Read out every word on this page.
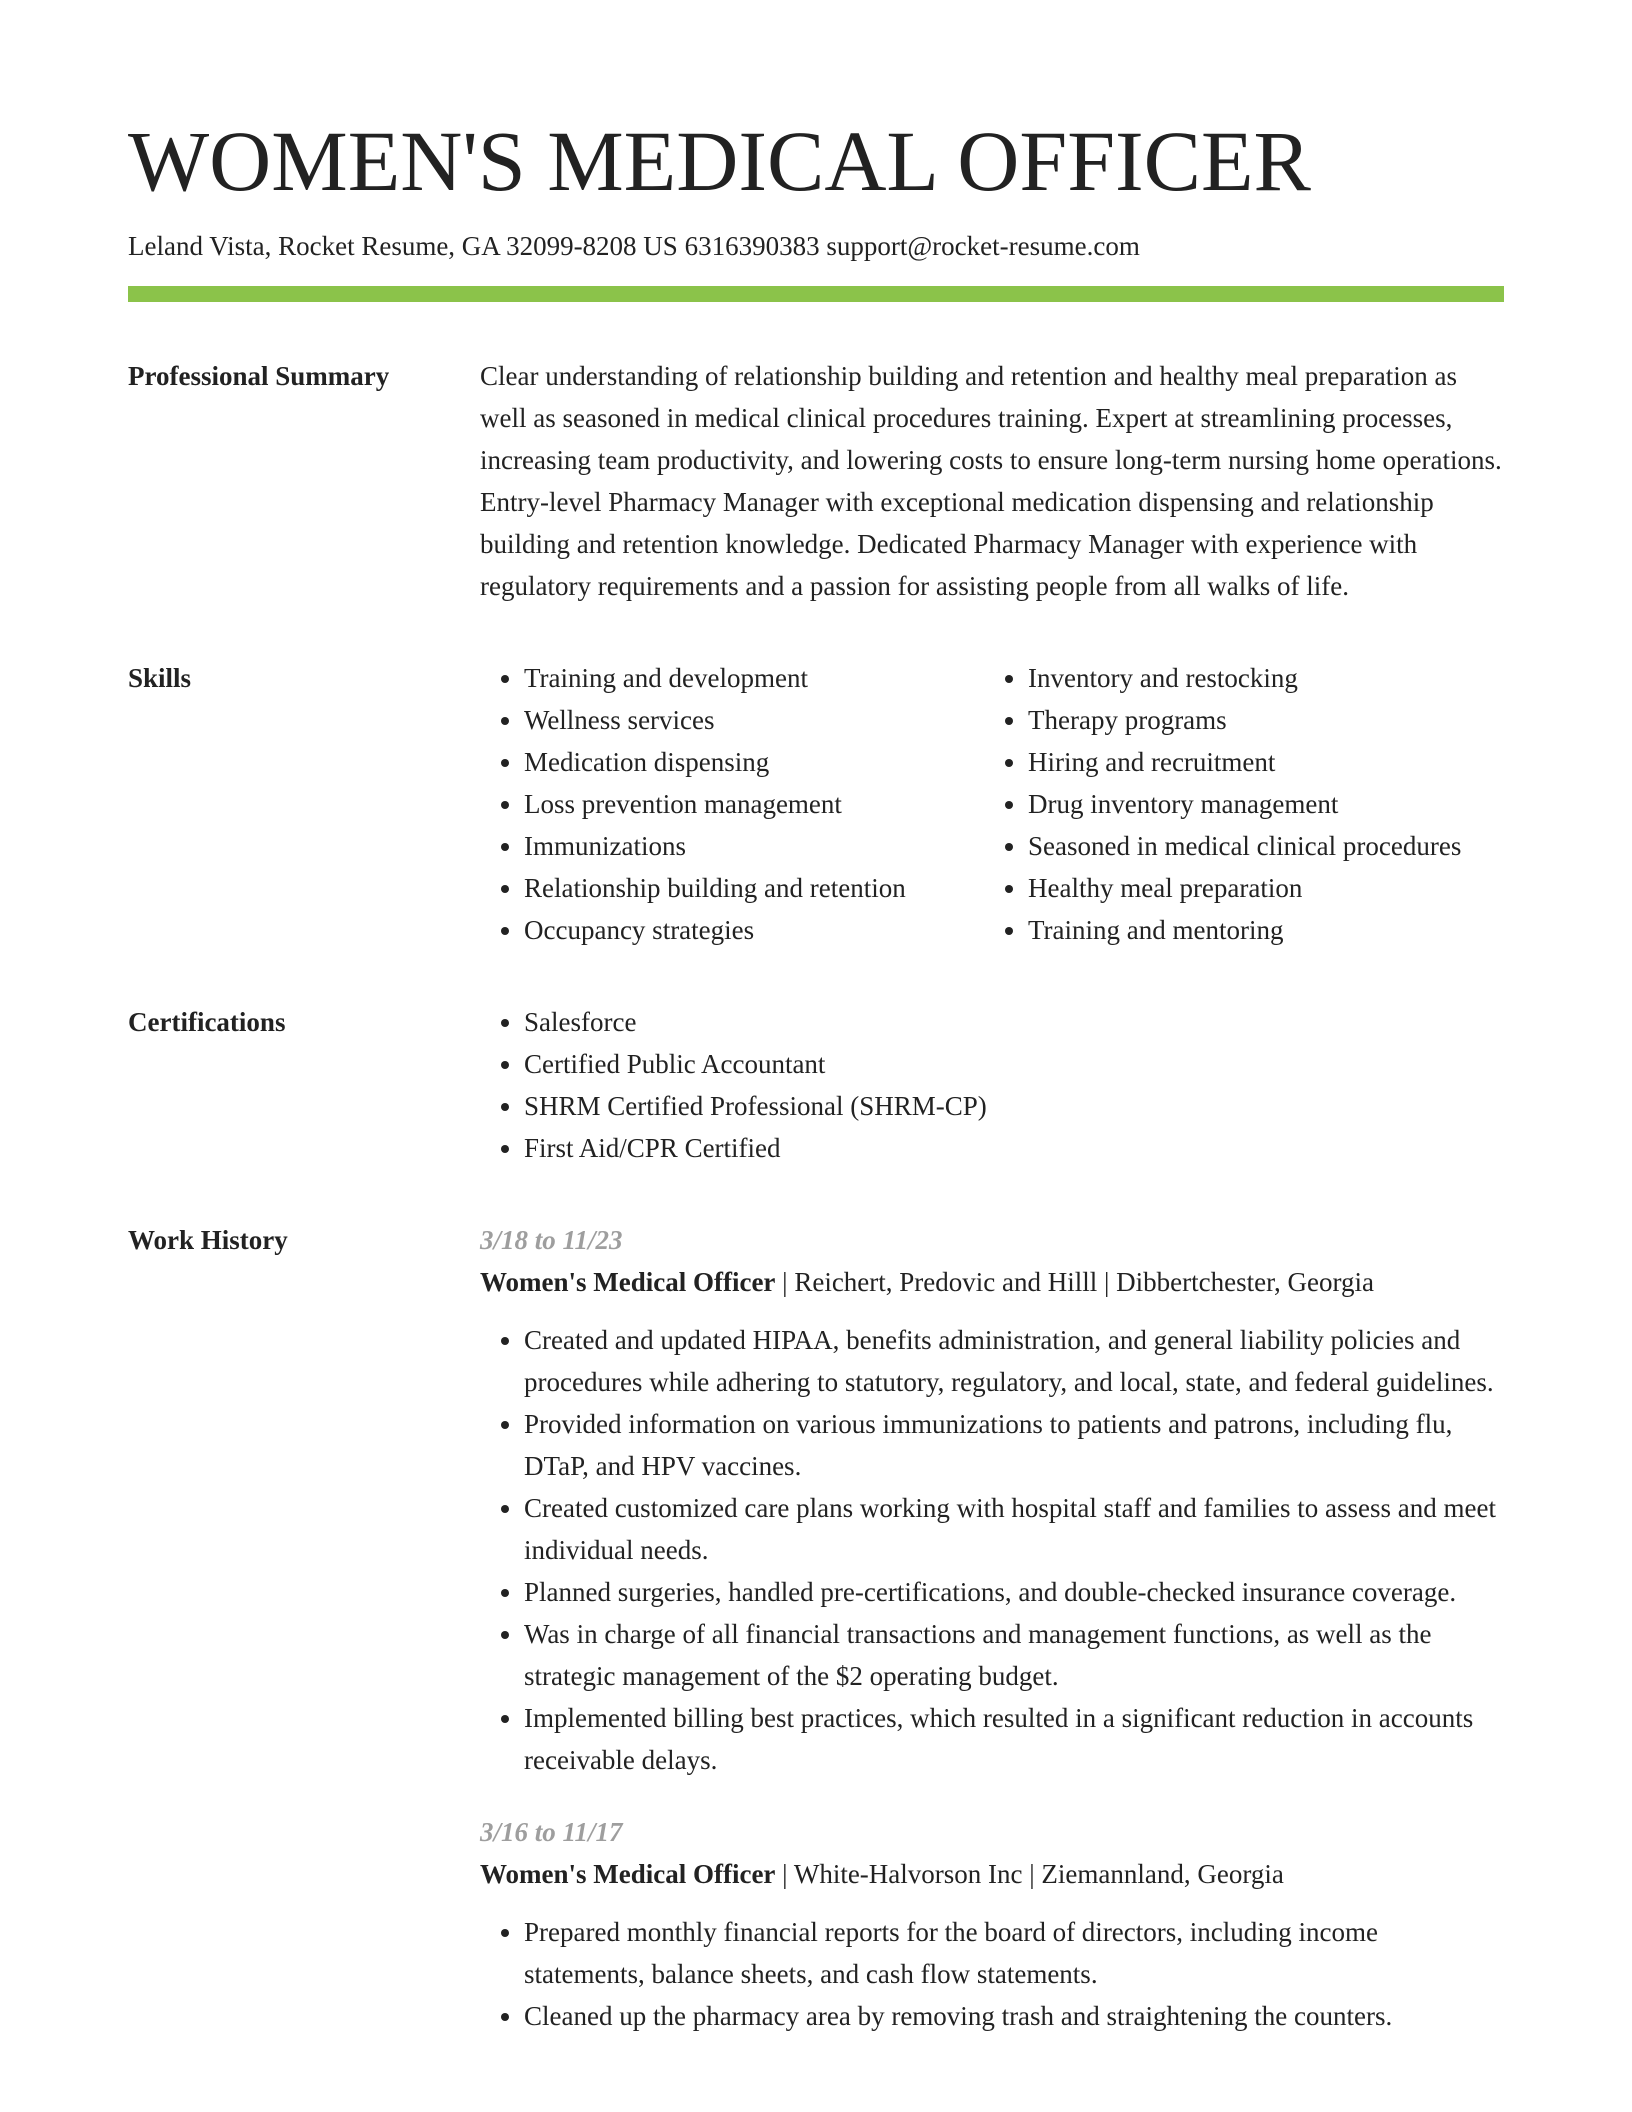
WOMEN'S MEDICAL OFFICER
Leland Vista, Rocket Resume, GA 32099-8208 US 6316390383 support@rocket-resume.com
Professional Summary	Clear understanding of relationship building and retention and healthy meal preparation as well as seasoned in medical clinical procedures training. Expert at streamlining processes, increasing team productivity, and lowering costs to ensure long-term nursing home operations. Entry-level Pharmacy Manager with exceptional medication dispensing and relationship building and retention knowledge. Dedicated Pharmacy Manager with experience with regulatory requirements and a passion for assisting people from all walks of life.

Skills	• Training and development
• Wellness services
• Medication dispensing
• Loss prevention management
• Immunizations
• Relationship building and retention
• Occupancy strategies
• Inventory and restocking
• Therapy programs
• Hiring and recruitment
• Drug inventory management
• Seasoned in medical clinical procedures
• Healthy meal preparation
• Training and mentoring
Certifications	• Salesforce
• Certified Public Accountant
• SHRM Certified Professional (SHRM-CP)
• First Aid/CPR Certified
Work History	3/18 to 11/23
Women's Medical Officer | Reichert, Predovic and Hilll | Dibbertchester, Georgia
• Created and updated HIPAA, benefits administration, and general liability policies and procedures while adhering to statutory, regulatory, and local, state, and federal guidelines.
• Provided information on various immunizations to patients and patrons, including flu, DTaP, and HPV vaccines.
• Created customized care plans working with hospital staff and families to assess and meet individual needs.
• Planned surgeries, handled pre-certifications, and double-checked insurance coverage.
• Was in charge of all financial transactions and management functions, as well as the strategic management of the $2 operating budget.
• Implemented billing best practices, which resulted in a significant reduction in accounts receivable delays.
3/16 to 11/17
Women's Medical Officer | White-Halvorson Inc | Ziemannland, Georgia
• Prepared monthly financial reports for the board of directors, including income statements, balance sheets, and cash flow statements.
• Cleaned up the pharmacy area by removing trash and straightening the counters.
